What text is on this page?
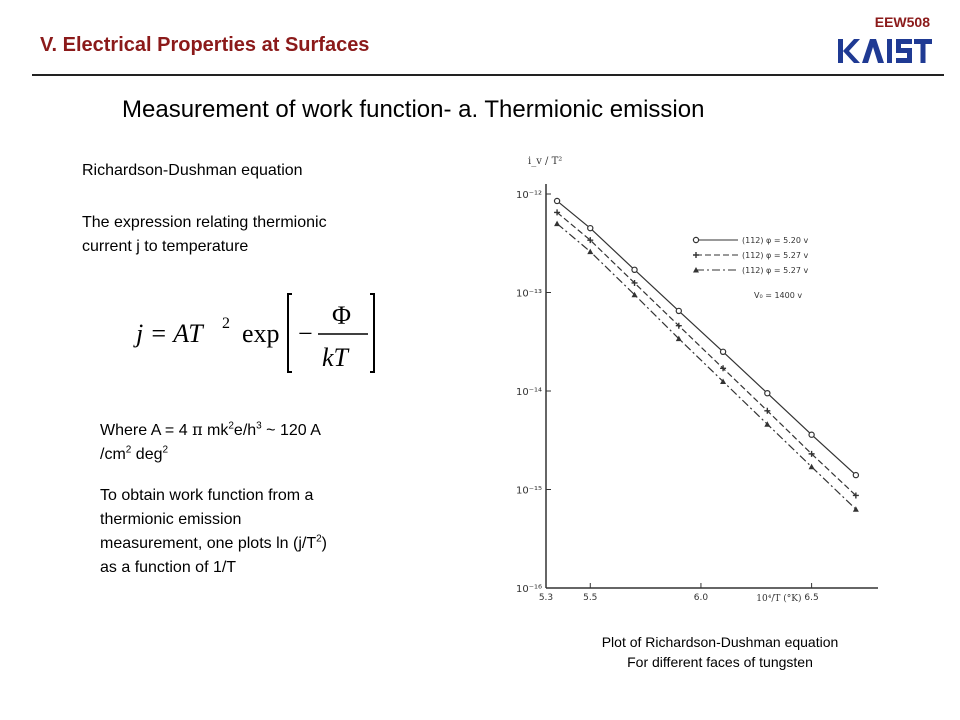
V. Electrical Properties at Surfaces
EEW508
Measurement of work function- a. Thermionic emission
Richardson-Dushman equation
The expression relating thermionic
current j to temperature
j = AT 2 exp −
Φ
kT
Where A = 4 π $mk^2e/h^3$ ~ 120 A
$/cm^2$ deg$^2$
To obtain work function from a
thermionic emission
measurement, one plots $\ln (j/T^2)$
as a function of 1/T
10⁻¹²
10⁻¹³
10⁻¹⁴
10⁻¹⁵
10⁻¹⁶
5.3	5.5	6.0	6.5
i_v / T²
10⁴/T (°K)
(112) φ = 5.20 v
(112) φ = 5.27 v
(112) φ = 5.27 v
V₀ = 1400 v
Plot of Richardson-Dushman equation
For different faces of tungsten
